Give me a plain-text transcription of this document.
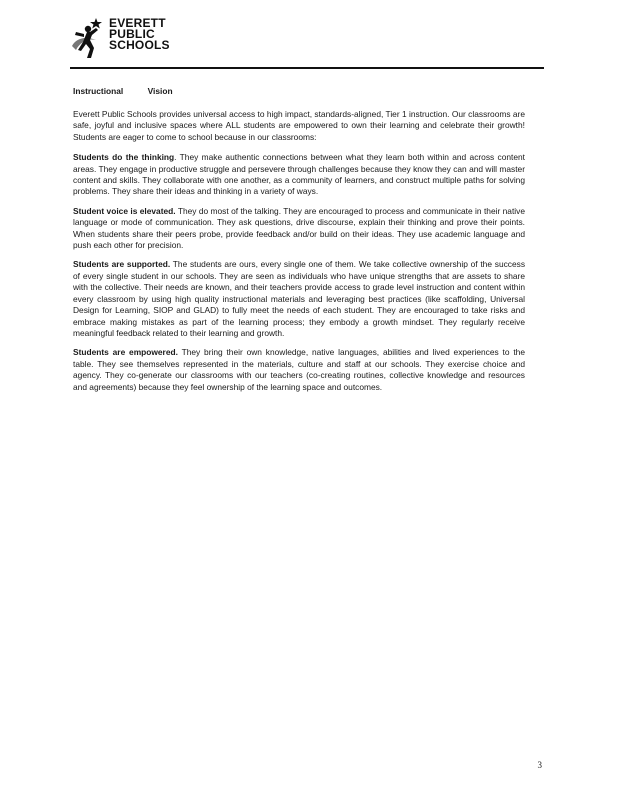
EVERETT
PUBLIC
SCHOOLS
Instructional Vision

Everett Public Schools provides universal access to high impact, standards-aligned, Tier 1 instruction. Our classrooms are safe, joyful and inclusive spaces where ALL students are empowered to own their learning and celebrate their growth! Students are eager to come to school because in our classrooms:

Students do the thinking. They make authentic connections between what they learn both within and across content areas. They engage in productive struggle and persevere through challenges because they know they can and will master content and skills. They collaborate with one another, as a community of learners, and construct multiple paths for solving problems. They share their ideas and thinking in a variety of ways.

Student voice is elevated. They do most of the talking. They are encouraged to process and communicate in their native language or mode of communication. They ask questions, drive discourse, explain their thinking and prove their points. When students share their peers probe, provide feedback and/or build on their ideas. They use academic language and push each other for precision.

Students are supported. The students are ours, every single one of them. We take collective ownership of the success of every single student in our schools. They are seen as individuals who have unique strengths that are assets to share with the collective. Their needs are known, and their teachers provide access to grade level instruction and content within every classroom by using high quality instructional materials and leveraging best practices (like scaffolding, Universal Design for Learning, SIOP and GLAD) to fully meet the needs of each student. They are encouraged to take risks and embrace making mistakes as part of the learning process; they embody a growth mindset. They regularly receive meaningful feedback related to their learning and growth.

Students are empowered. They bring their own knowledge, native languages, abilities and lived experiences to the table. They see themselves represented in the materials, culture and staff at our schools. They exercise choice and agency. They co-generate our classrooms with our teachers (co-creating routines, collective knowledge and resources and agreements) because they feel ownership of the learning space and outcomes.

3
